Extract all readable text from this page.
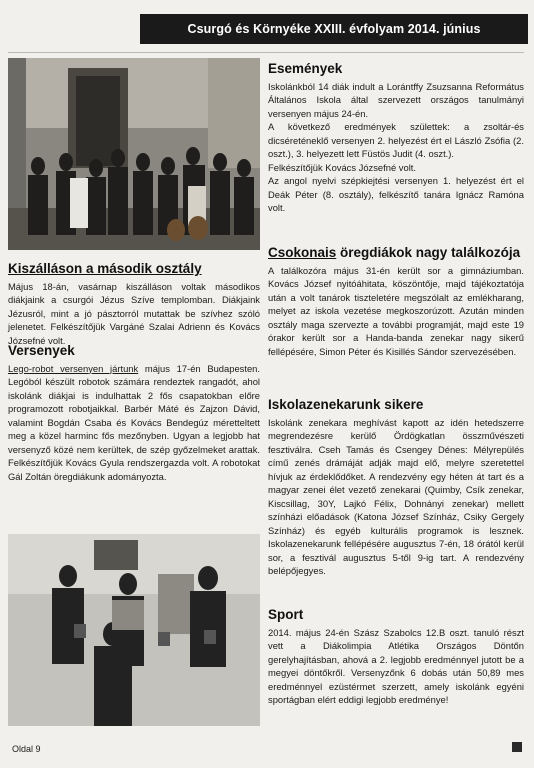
Csurgó és Környéke XXIII. évfolyam 2014. június
Kiszálláson a második osztály

Május 18-án, vasárnap kiszálláson voltak másodikos diákjaink a csurgói Jézus Szíve templomban. Diákjaink Jézusról, mint a jó pásztorról mutattak be szívhez szóló jelenetet. Felkészítőjük Vargáné Szalai Adrienn és Kovács Józsefné volt.

Versenyek

Lego-robot versenyen jártunk május 17-én Budapesten. Legóból készült robotok számára rendeztek rangadót, ahol iskolánk diákjai is indulhattak 2 fős csapatokban előre programozott robotjaikkal. Barbér Máté és Zajzon Dávid, valamint Bogdán Csaba és Kovács Bendegúz méretteltett meg a közel harminc fős mezőnyben. Ugyan a legjobb hat versenyző közé nem kerültek, de szép győzelmeket arattak. Felkészítőjük Kovács Gyula rendszergazda volt. A robotokat Gál Zoltán öregdiákunk adományozta.

Események

Iskolánkból 14 diák indult a Lorántffy Zsuzsanna Református Általános Iskola által szervezett országos tanulmányi versenyen május 24-én.

A következő eredmények születtek: a zsoltár-és dicséreténeklő versenyen 2. helyezést ért el László Zsófia (2. oszt.), 3. helyezett lett Füstös Judit (4. oszt.).

Felkészítőjük Kovács Józsefné volt.

Az angol nyelvi szépkiejtési versenyen 1. helyezést ért el Deák Péter (8. osztály), felkészítő tanára Ignácz Ramóna volt.

Csokonais öregdiákok nagy találkozója

A találkozóra május 31-én került sor a gimnáziumban. Kovács József nyitóáhitata, köszöntője, majd tájékoztatója után a volt tanárok tiszteletére megszólalt az emlékharang, melyet az iskola vezetése megkoszorúzott. Azután minden osztály maga szervezte a további programját, majd este 19 órakor került sor a Handa-banda zenekar nagy sikerű fellépésére, Simon Péter és Kisillés Sándor szervezésében.

Iskolazenekarunk sikere

Iskolánk zenekara meghívást kapott az idén hetedszerre megrendezésre kerülő Ördögkatlan összművészeti fesztiválra. Cseh Tamás és Csengey Dénes: Mélyrepülés című zenés drámáját adják majd elő, melyre szeretettel hívjuk az érdeklődőket. A rendezvény egy héten át tart és a magyar zenei élet vezető zenekarai (Quimby, Csík zenekar, Kiscsillag, 30Y, Lajkó Félix, Dohnányi zenekar) mellett színházi előadások (Katona József Színház, Csiky Gergely Színház) és egyéb kulturális programok is lesznek. Iskolazenekarunk fellépésére augusztus 7-én, 18 órától kerül sor, a fesztivál augusztus 5-től 9-ig tart. A rendezvény belépőjegyes.

Sport

2014. május 24-én Szász Szabolcs 12.B oszt. tanuló részt vett a Diákolimpia Atlétika Országos Döntőn gerelyhajításban, ahová a 2. legjobb eredménnyel jutott be a megyei döntőkről. Versenyzőnk 6 dobás után 50,89 mes eredménnyel ezüstérmet szerzett, amely iskolánk egyéni sportágban elért eddigi legjobb eredménye!

Oldal 9
